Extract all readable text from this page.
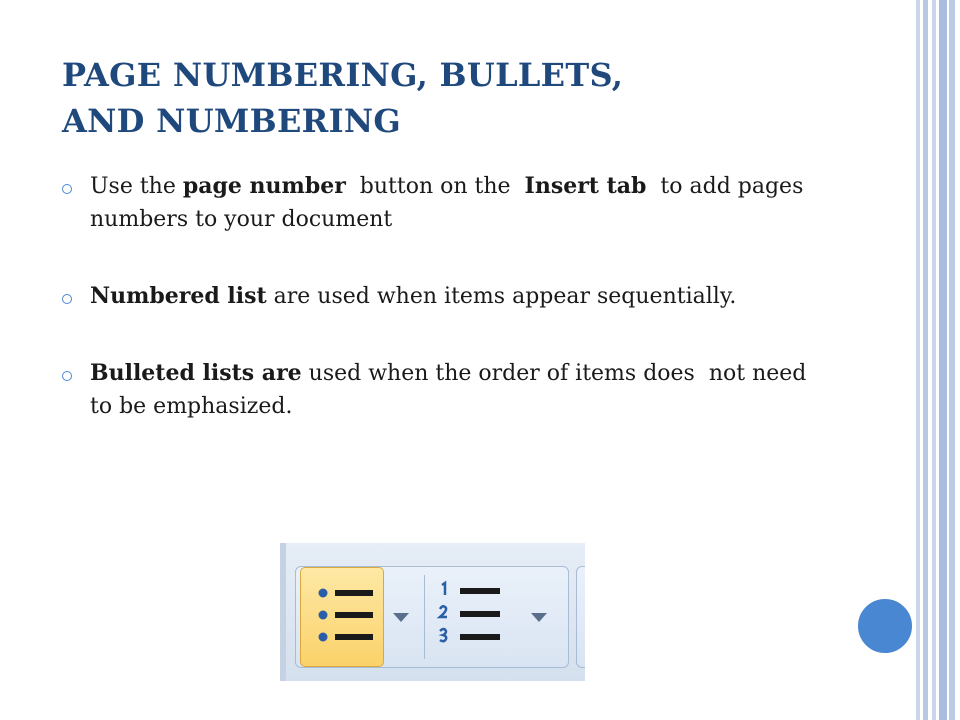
PAGE NUMBERING, BULLETS,
AND NUMBERING
Use the page number  button on the  Insert tab  to add pages numbers to your document
Numbered list are used when items appear sequentially.
Bulleted lists are used when the order of items does  not need to be emphasized.
